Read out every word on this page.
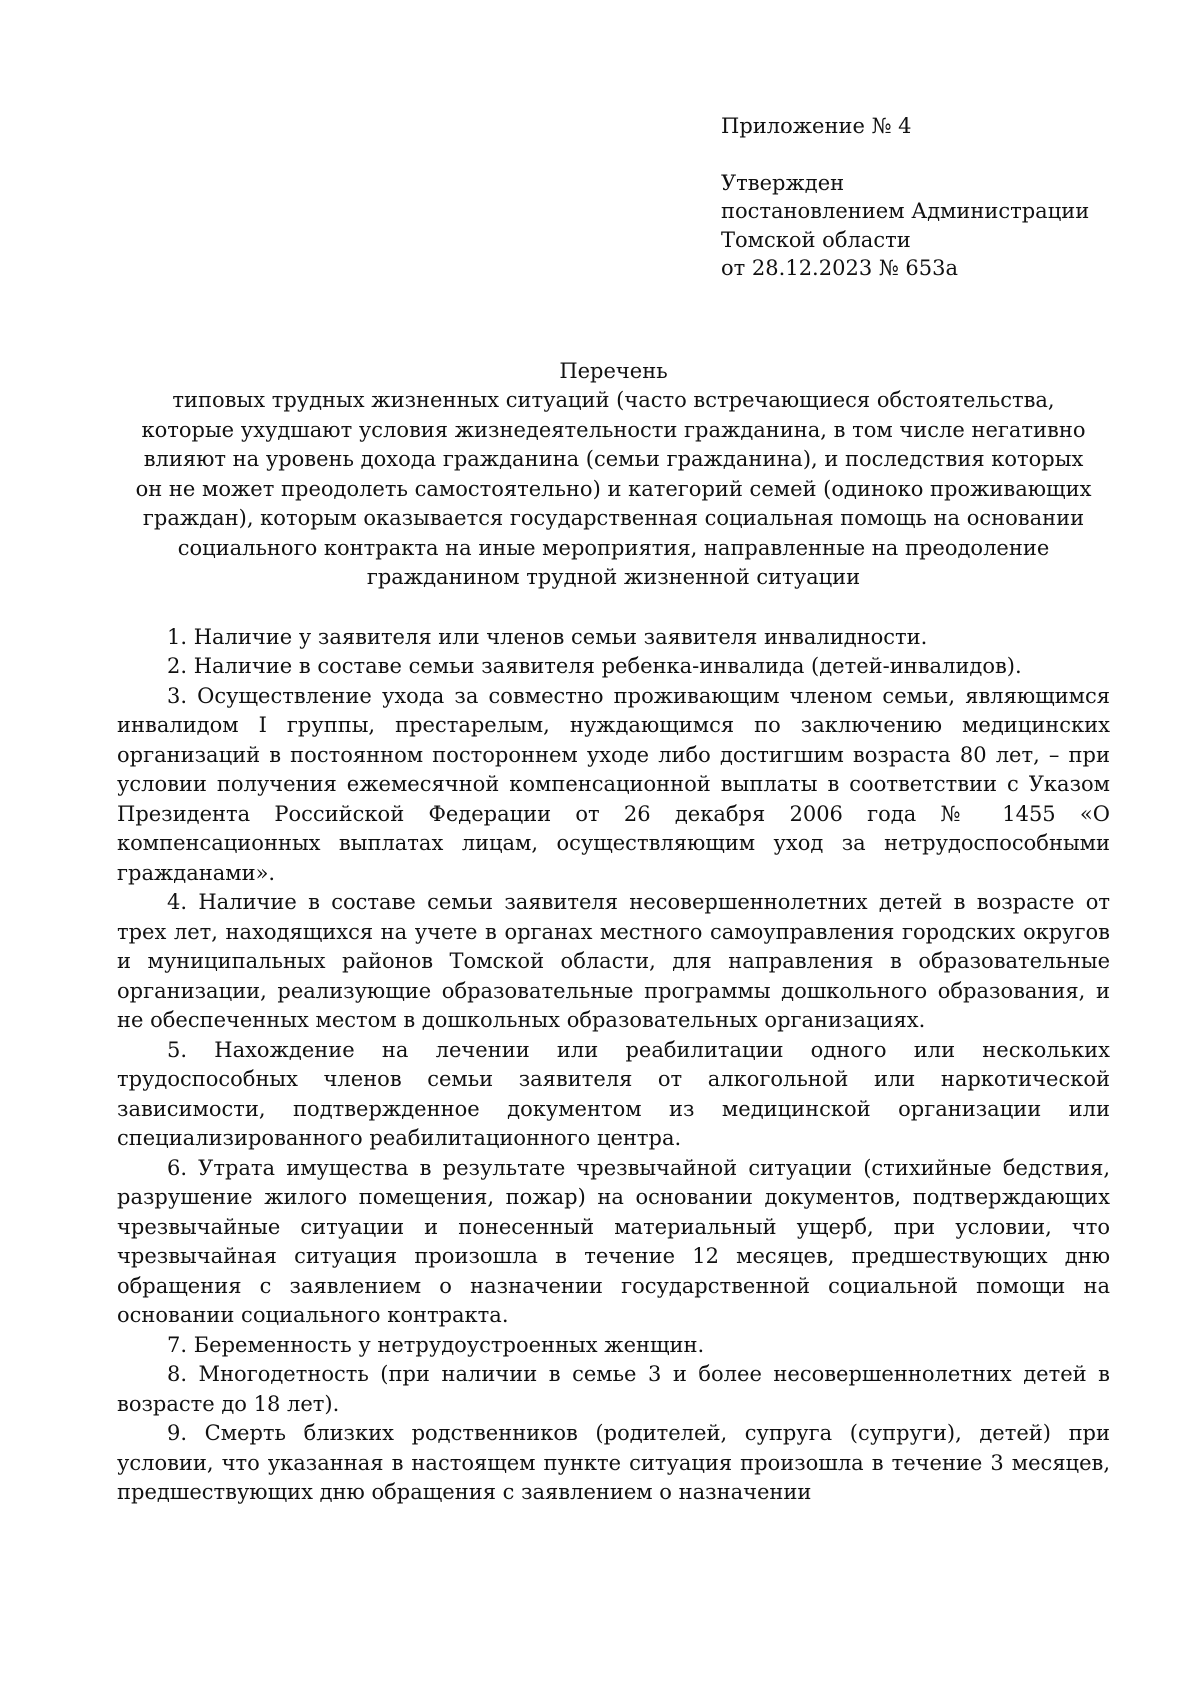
Приложение № 4
Утвержден
постановлением Администрации
Томской области
от 28.12.2023 № 653а
Перечень
типовых трудных жизненных ситуаций (часто встречающиеся обстоятельства,
которые ухудшают условия жизнедеятельности гражданина, в том числе негативно
влияют на уровень дохода гражданина (семьи гражданина), и последствия которых
он не может преодолеть самостоятельно) и категорий семей (одиноко проживающих
граждан), которым оказывается государственная социальная помощь на основании
социального контракта на иные мероприятия, направленные на преодоление
гражданином трудной жизненной ситуации

1. Наличие у заявителя или членов семьи заявителя инвалидности.

2. Наличие в составе семьи заявителя ребенка-инвалида (детей-инвалидов).

3. Осуществление ухода за совместно проживающим членом семьи, являющимся инвалидом I группы, престарелым, нуждающимся по заключению медицинских организаций в постоянном постороннем уходе либо достигшим возраста 80 лет, – при условии получения ежемесячной компенсационной выплаты в соответствии с Указом Президента Российской Федерации от 26 декабря 2006 года № 1455 «О компенсационных выплатах лицам, осуществляющим уход за нетрудоспособными гражданами».

4. Наличие в составе семьи заявителя несовершеннолетних детей в возрасте от трех лет, находящихся на учете в органах местного самоуправления городских округов и муниципальных районов Томской области, для направления в образовательные организации, реализующие образовательные программы дошкольного образования, и не обеспеченных местом в дошкольных образовательных организациях.

5. Нахождение на лечении или реабилитации одного или нескольких трудоспособных членов семьи заявителя от алкогольной или наркотической зависимости, подтвержденное документом из медицинской организации или специализированного реабилитационного центра.

6. Утрата имущества в результате чрезвычайной ситуации (стихийные бедствия, разрушение жилого помещения, пожар) на основании документов, подтверждающих чрезвычайные ситуации и понесенный материальный ущерб, при условии, что чрезвычайная ситуация произошла в течение 12 месяцев, предшествующих дню обращения с заявлением о назначении государственной социальной помощи на основании социального контракта.

7. Беременность у нетрудоустроенных женщин.

8. Многодетность (при наличии в семье 3 и более несовершеннолетних детей в возрасте до 18 лет).

9. Смерть близких родственников (родителей, супруга (супруги), детей) при условии, что указанная в настоящем пункте ситуация произошла в течение 3 месяцев, предшествующих дню обращения с заявлением о назначении
